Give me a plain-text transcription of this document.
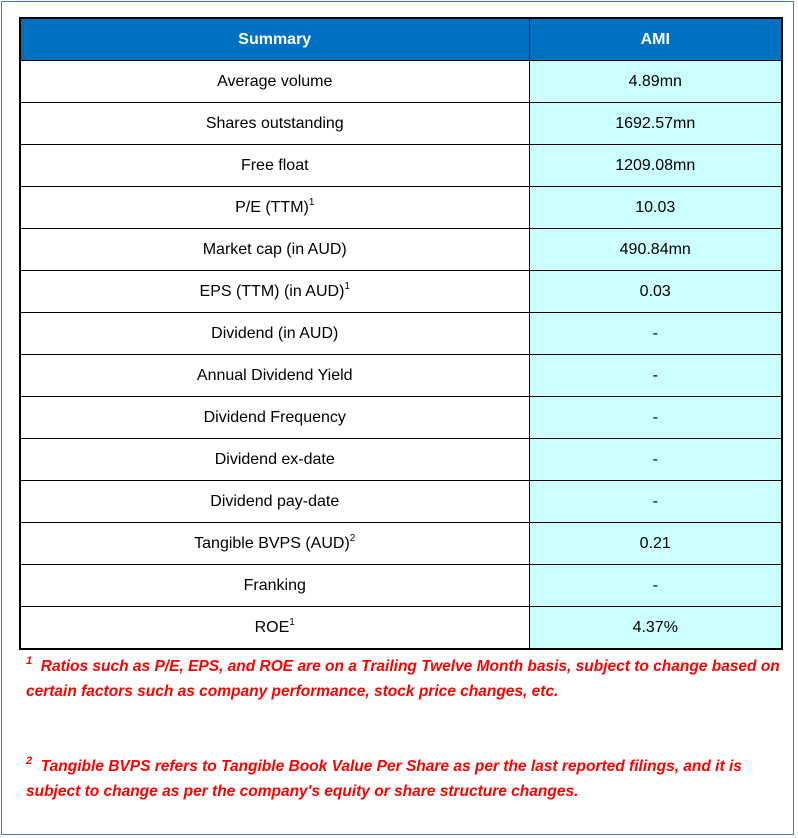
Summary	AMI
Average volume	4.89mn
Shares outstanding	1692.57mn
Free float	1209.08mn
P/E (TTM)$^1$	10.03
Market cap (in AUD)	490.84mn
EPS (TTM) (in AUD)$^1$	0.03
Dividend (in AUD)	-
Annual Dividend Yield	-
Dividend Frequency	-
Dividend ex-date	-
Dividend pay-date	-
Tangible BVPS (AUD)$^2$	0.21
Franking	-
ROE$^1$	4.37%
$^1$ Ratios such as P/E, EPS, and ROE are on a Trailing Twelve Month basis, subject to change based on certain factors such as company performance, stock price changes, etc.
$^2$ Tangible BVPS refers to Tangible Book Value Per Share as per the last reported filings, and it is subject to change as per the company's equity or share structure changes.
